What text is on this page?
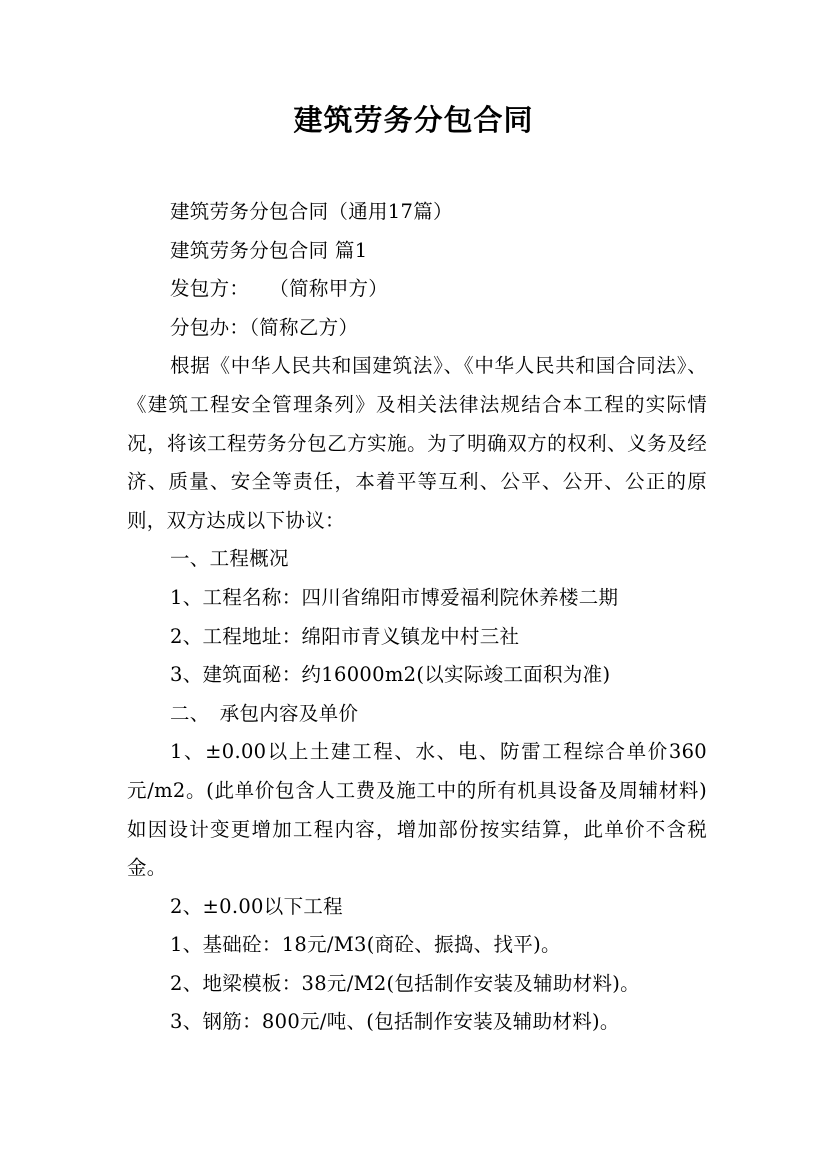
建筑劳务分包合同

建筑劳务分包合同（通用17篇）

建筑劳务分包合同 篇1

发包方：　　（简称甲方）

分包办：（简称乙方）

根据《中华人民共和国建筑法》、《中华人民共和国合同法》、《建筑工程安全管理条列》及相关法律法规结合本工程的实际情况，将该工程劳务分包乙方实施。为了明确双方的权利、义务及经济、质量、安全等责任，本着平等互利、公平、公开、公正的原则，双方达成以下协议：

一、工程概况

1、工程名称：四川省绵阳市博爱福利院休养楼二期

2、工程地址：绵阳市青义镇龙中村三社

3、建筑面秘：约16000m2(以实际竣工面积为准)

二、　承包内容及单价

1、±0.00以上土建工程、水、电、防雷工程综合单价360元/m2。(此单价包含人工费及施工中的所有机具设备及周辅材料)如因设计变更增加工程内容，增加部份按实结算，此单价不含税金。

2、±0.00以下工程

1、基础砼：18元/M3(商砼、振捣、找平)。

2、地梁模板：38元/M2(包括制作安装及辅助材料)。

3、钢筋：800元/吨、(包括制作安装及辅助材料)。
